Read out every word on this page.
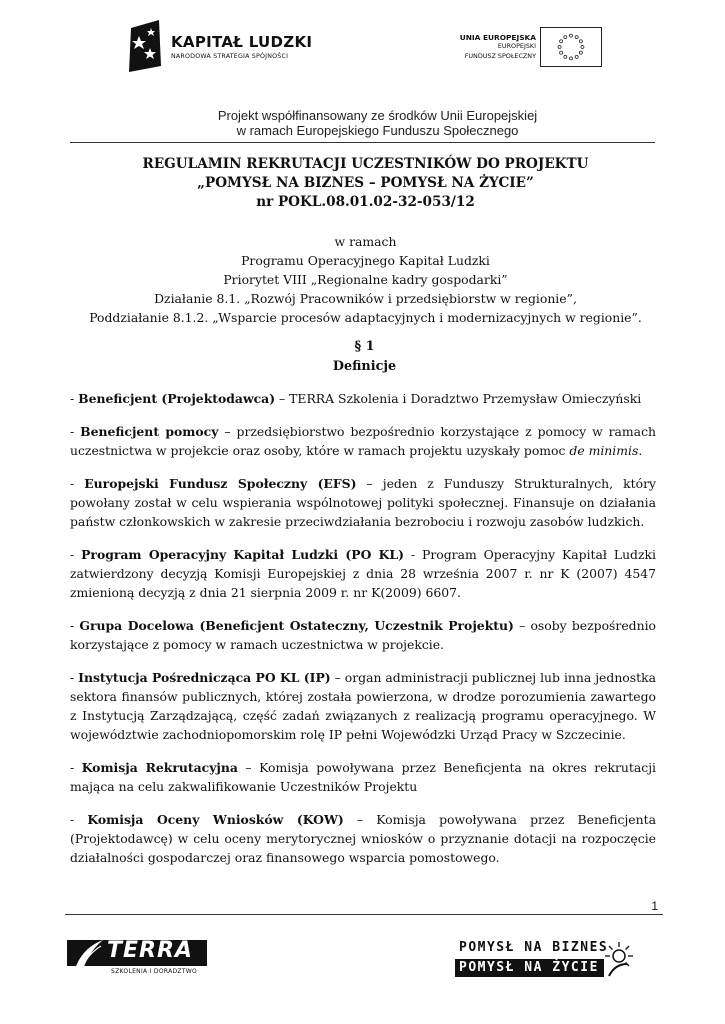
KAPITAŁ LUDZKI
NARODOWA STRATEGIA SPÓJNOŚCI
UNIA EUROPEJSKA
EUROPEJSKI
FUNDUSZ SPOŁECZNY
Projekt współfinansowany ze środków Unii Europejskiej
w ramach Europejskiego Funduszu Społecznego
REGULAMIN REKRUTACJI UCZESTNIKÓW DO PROJEKTU
„POMYSŁ NA BIZNES – POMYSŁ NA ŻYCIE”
nr POKL.08.01.02-32-053/12
w ramach
Programu Operacyjnego Kapitał Ludzki
Priorytet VIII „Regionalne kadry gospodarki”
Działanie 8.1. „Rozwój Pracowników i przedsiębiorstw w regionie”,
Poddziałanie 8.1.2. „Wsparcie procesów adaptacyjnych i modernizacyjnych w regionie”.
§ 1
Definicje

- Beneficjent (Projektodawca) – TERRA Szkolenia i Doradztwo Przemysław Omieczyński

- Beneficjent pomocy – przedsiębiorstwo bezpośrednio korzystające z pomocy w ramach uczestnictwa w projekcie oraz osoby, które w ramach projektu uzyskały pomoc de minimis.

- Europejski Fundusz Społeczny (EFS) – jeden z Funduszy Strukturalnych, który powołany został w celu wspierania wspólnotowej polityki społecznej. Finansuje on działania państw członkowskich w zakresie przeciwdziałania bezrobociu i rozwoju zasobów ludzkich.

- Program Operacyjny Kapitał Ludzki (PO KL) - Program Operacyjny Kapitał Ludzki zatwierdzony decyzją Komisji Europejskiej z dnia 28 września 2007 r. nr K (2007) 4547 zmienioną decyzją z dnia 21 sierpnia 2009 r. nr K(2009) 6607.

- Grupa Docelowa (Beneficjent Ostateczny, Uczestnik Projektu) – osoby bezpośrednio korzystające z pomocy w ramach uczestnictwa w projekcie.

- Instytucja Pośrednicząca PO KL (IP) – organ administracji publicznej lub inna jednostka sektora finansów publicznych, której została powierzona, w drodze porozumienia zawartego z Instytucją Zarządzającą, część zadań związanych z realizacją programu operacyjnego. W województwie zachodniopomorskim rolę IP pełni Wojewódzki Urząd Pracy w Szczecinie.

- Komisja Rekrutacyjna – Komisja powoływana przez Beneficjenta na okres rekrutacji mająca na celu zakwalifikowanie Uczestników Projektu

- Komisja Oceny Wniosków (KOW) – Komisja powoływana przez Beneficjenta (Projektodawcę) w celu oceny merytorycznej wniosków o przyznanie dotacji na rozpoczęcie działalności gospodarczej oraz finansowego wsparcia pomostowego.

1
TERRA
SZKOLENIA I DORADZTWO
POMYSŁ NA BIZNES
POMYSŁ NA ŻYCIE
